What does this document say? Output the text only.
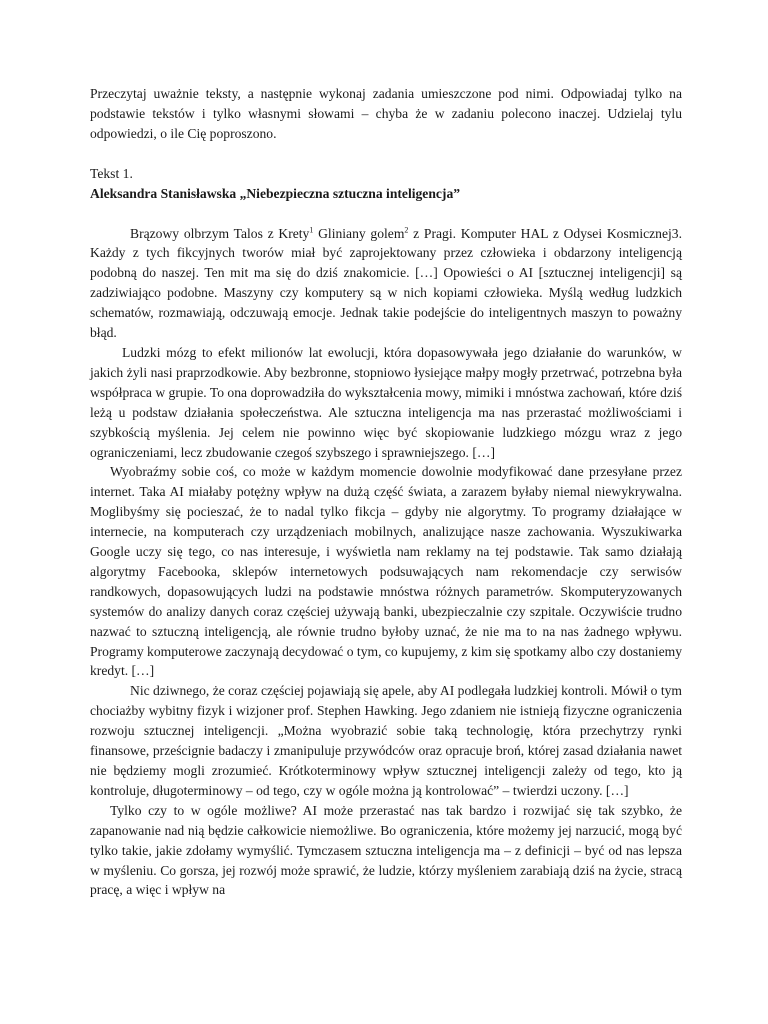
Przeczytaj uważnie teksty, a następnie wykonaj zadania umieszczone pod nimi. Odpowiadaj tylko na podstawie tekstów i tylko własnymi słowami – chyba że w zadaniu polecono inaczej. Udzielaj tylu odpowiedzi, o ile Cię poproszono.

Tekst 1.

Aleksandra Stanisławska „Niebezpieczna sztuczna inteligencja”

Brązowy olbrzym Talos z Krety$^1$ Gliniany golem$^2$ z Pragi. Komputer HAL z Odysei Kosmicznej3. Każdy z tych fikcyjnych tworów miał być zaprojektowany przez człowieka i obdarzony inteligencją podobną do naszej. Ten mit ma się do dziś znakomicie. […] Opowieści o AI [sztucznej inteligencji] są zadziwiająco podobne. Maszyny czy komputery są w nich kopiami człowieka. Myślą według ludzkich schematów, rozmawiają, odczuwają emocje. Jednak takie podejście do inteligentnych maszyn to poważny błąd.

Ludzki mózg to efekt milionów lat ewolucji, która dopasowywała jego działanie do warunków, w jakich żyli nasi praprzodkowie. Aby bezbronne, stopniowo łysiejące małpy mogły przetrwać, potrzebna była współpraca w grupie. To ona doprowadziła do wykształcenia mowy, mimiki i mnóstwa zachowań, które dziś leżą u podstaw działania społeczeństwa. Ale sztuczna inteligencja ma nas przerastać możliwościami i szybkością myślenia. Jej celem nie powinno więc być skopiowanie ludzkiego mózgu wraz z jego ograniczeniami, lecz zbudowanie czegoś szybszego i sprawniejszego. […]

Wyobraźmy sobie coś, co może w każdym momencie dowolnie modyfikować dane przesyłane przez internet. Taka AI miałaby potężny wpływ na dużą część świata, a zarazem byłaby niemal niewykrywalna. Moglibyśmy się pocieszać, że to nadal tylko fikcja – gdyby nie algorytmy. To programy działające w internecie, na komputerach czy urządzeniach mobilnych, analizujące nasze zachowania. Wyszukiwarka Google uczy się tego, co nas interesuje, i wyświetla nam reklamy na tej podstawie. Tak samo działają algorytmy Facebooka, sklepów internetowych podsuwających nam rekomendacje czy serwisów randkowych, dopasowujących ludzi na podstawie mnóstwa różnych parametrów. Skomputeryzowanych systemów do analizy danych coraz częściej używają banki, ubezpieczalnie czy szpitale. Oczywiście trudno nazwać to sztuczną inteligencją, ale równie trudno byłoby uznać, że nie ma to na nas żadnego wpływu. Programy komputerowe zaczynają decydować o tym, co kupujemy, z kim się spotkamy albo czy dostaniemy kredyt. […]

Nic dziwnego, że coraz częściej pojawiają się apele, aby AI podlegała ludzkiej kontroli. Mówił o tym chociażby wybitny fizyk i wizjoner prof. Stephen Hawking. Jego zdaniem nie istnieją fizyczne ograniczenia rozwoju sztucznej inteligencji. „Można wyobrazić sobie taką technologię, która przechytrzy rynki finansowe, prześcignie badaczy i zmanipuluje przywódców oraz opracuje broń, której zasad działania nawet nie będziemy mogli zrozumieć. Krótkoterminowy wpływ sztucznej inteligencji zależy od tego, kto ją kontroluje, długoterminowy – od tego, czy w ogóle można ją kontrolować” – twierdzi uczony. […]

Tylko czy to w ogóle możliwe? AI może przerastać nas tak bardzo i rozwijać się tak szybko, że zapanowanie nad nią będzie całkowicie niemożliwe. Bo ograniczenia, które możemy jej narzucić, mogą być tylko takie, jakie zdołamy wymyślić. Tymczasem sztuczna inteligencja ma – z definicji – być od nas lepsza w myśleniu. Co gorsza, jej rozwój może sprawić, że ludzie, którzy myśleniem zarabiają dziś na życie, stracą pracę, a więc i wpływ na
